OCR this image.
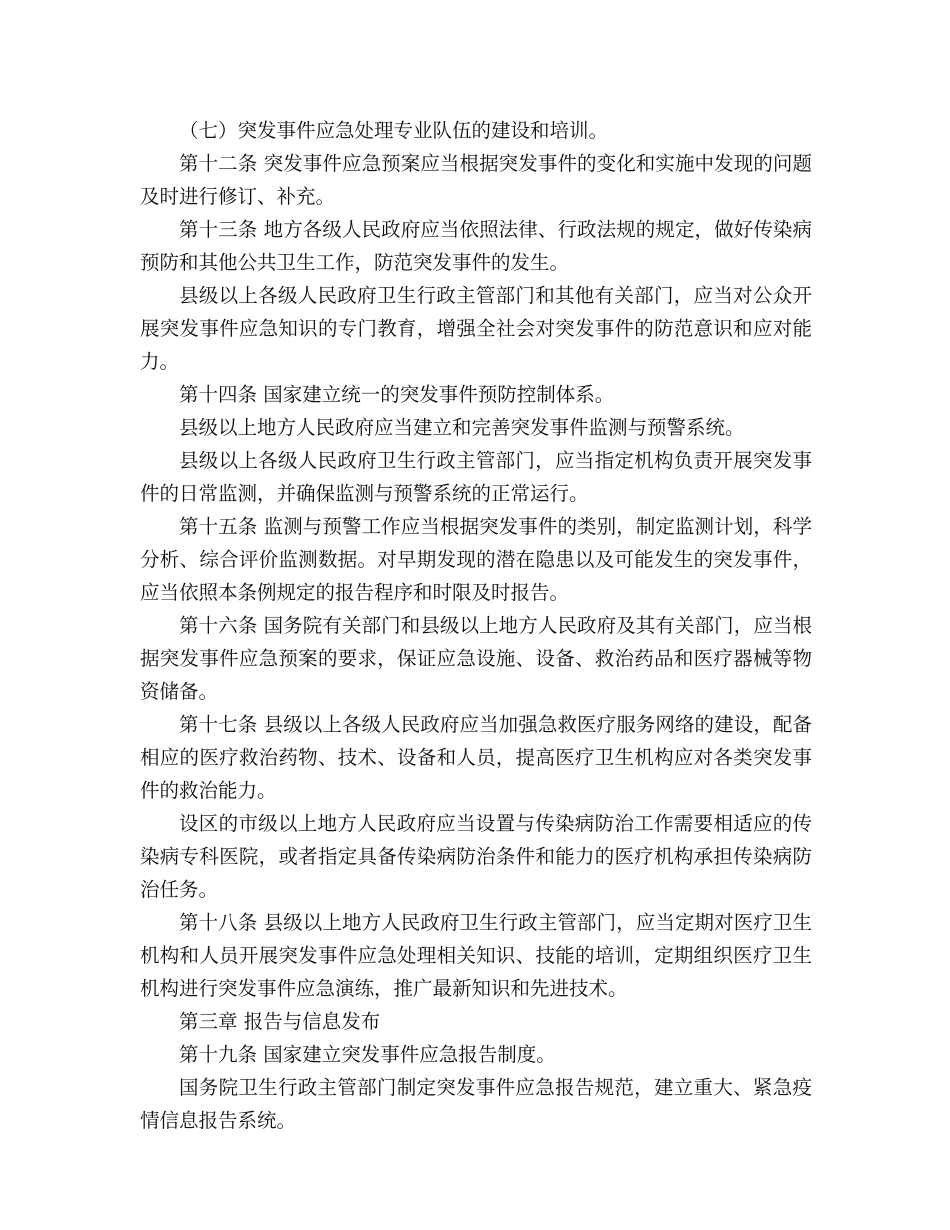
（七）突发事件应急处理专业队伍的建设和培训。

第十二条 突发事件应急预案应当根据突发事件的变化和实施中发现的问题及时进行修订、补充。

第十三条 地方各级人民政府应当依照法律、行政法规的规定，做好传染病预防和其他公共卫生工作，防范突发事件的发生。

县级以上各级人民政府卫生行政主管部门和其他有关部门，应当对公众开展突发事件应急知识的专门教育，增强全社会对突发事件的防范意识和应对能力。

第十四条 国家建立统一的突发事件预防控制体系。

县级以上地方人民政府应当建立和完善突发事件监测与预警系统。

县级以上各级人民政府卫生行政主管部门，应当指定机构负责开展突发事件的日常监测，并确保监测与预警系统的正常运行。

第十五条 监测与预警工作应当根据突发事件的类别，制定监测计划，科学分析、综合评价监测数据。对早期发现的潜在隐患以及可能发生的突发事件，应当依照本条例规定的报告程序和时限及时报告。

第十六条 国务院有关部门和县级以上地方人民政府及其有关部门，应当根据突发事件应急预案的要求，保证应急设施、设备、救治药品和医疗器械等物资储备。

第十七条 县级以上各级人民政府应当加强急救医疗服务网络的建设，配备相应的医疗救治药物、技术、设备和人员，提高医疗卫生机构应对各类突发事件的救治能力。

设区的市级以上地方人民政府应当设置与传染病防治工作需要相适应的传染病专科医院，或者指定具备传染病防治条件和能力的医疗机构承担传染病防治任务。

第十八条 县级以上地方人民政府卫生行政主管部门，应当定期对医疗卫生机构和人员开展突发事件应急处理相关知识、技能的培训，定期组织医疗卫生机构进行突发事件应急演练，推广最新知识和先进技术。

第三章 报告与信息发布

第十九条 国家建立突发事件应急报告制度。

国务院卫生行政主管部门制定突发事件应急报告规范，建立重大、紧急疫情信息报告系统。
